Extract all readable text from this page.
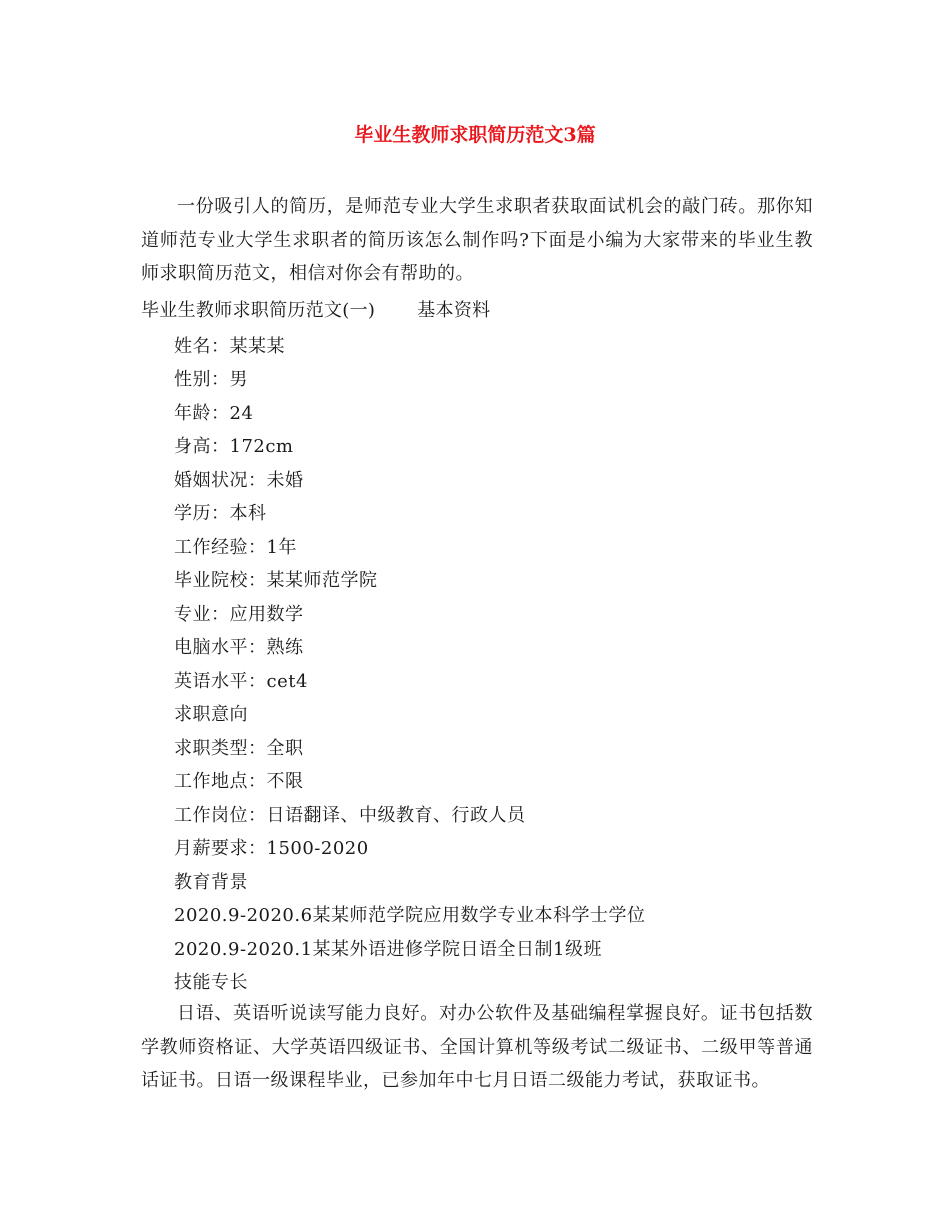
毕业生教师求职简历范文3篇

一份吸引人的简历，是师范专业大学生求职者获取面试机会的敲门砖。那你知道师范专业大学生求职者的简历该怎么制作吗?下面是小编为大家带来的毕业生教师求职简历范文，相信对你会有帮助的。

毕业生教师求职简历范文(一) 基本资料
姓名：某某某
性别：男
年龄：24
身高：172cm
婚姻状况：未婚
学历：本科
工作经验：1年
毕业院校：某某师范学院
专业：应用数学
电脑水平：熟练
英语水平：cet4
求职意向
求职类型：全职
工作地点：不限
工作岗位：日语翻译、中级教育、行政人员
月薪要求：1500-2020
教育背景
2020.9-2020.6某某师范学院应用数学专业本科学士学位
2020.9-2020.1某某外语进修学院日语全日制1级班
技能专长

日语、英语听说读写能力良好。对办公软件及基础编程掌握良好。证书包括数学教师资格证、大学英语四级证书、全国计算机等级考试二级证书、二级甲等普通话证书。日语一级课程毕业，已参加年中七月日语二级能力考试，获取证书。
